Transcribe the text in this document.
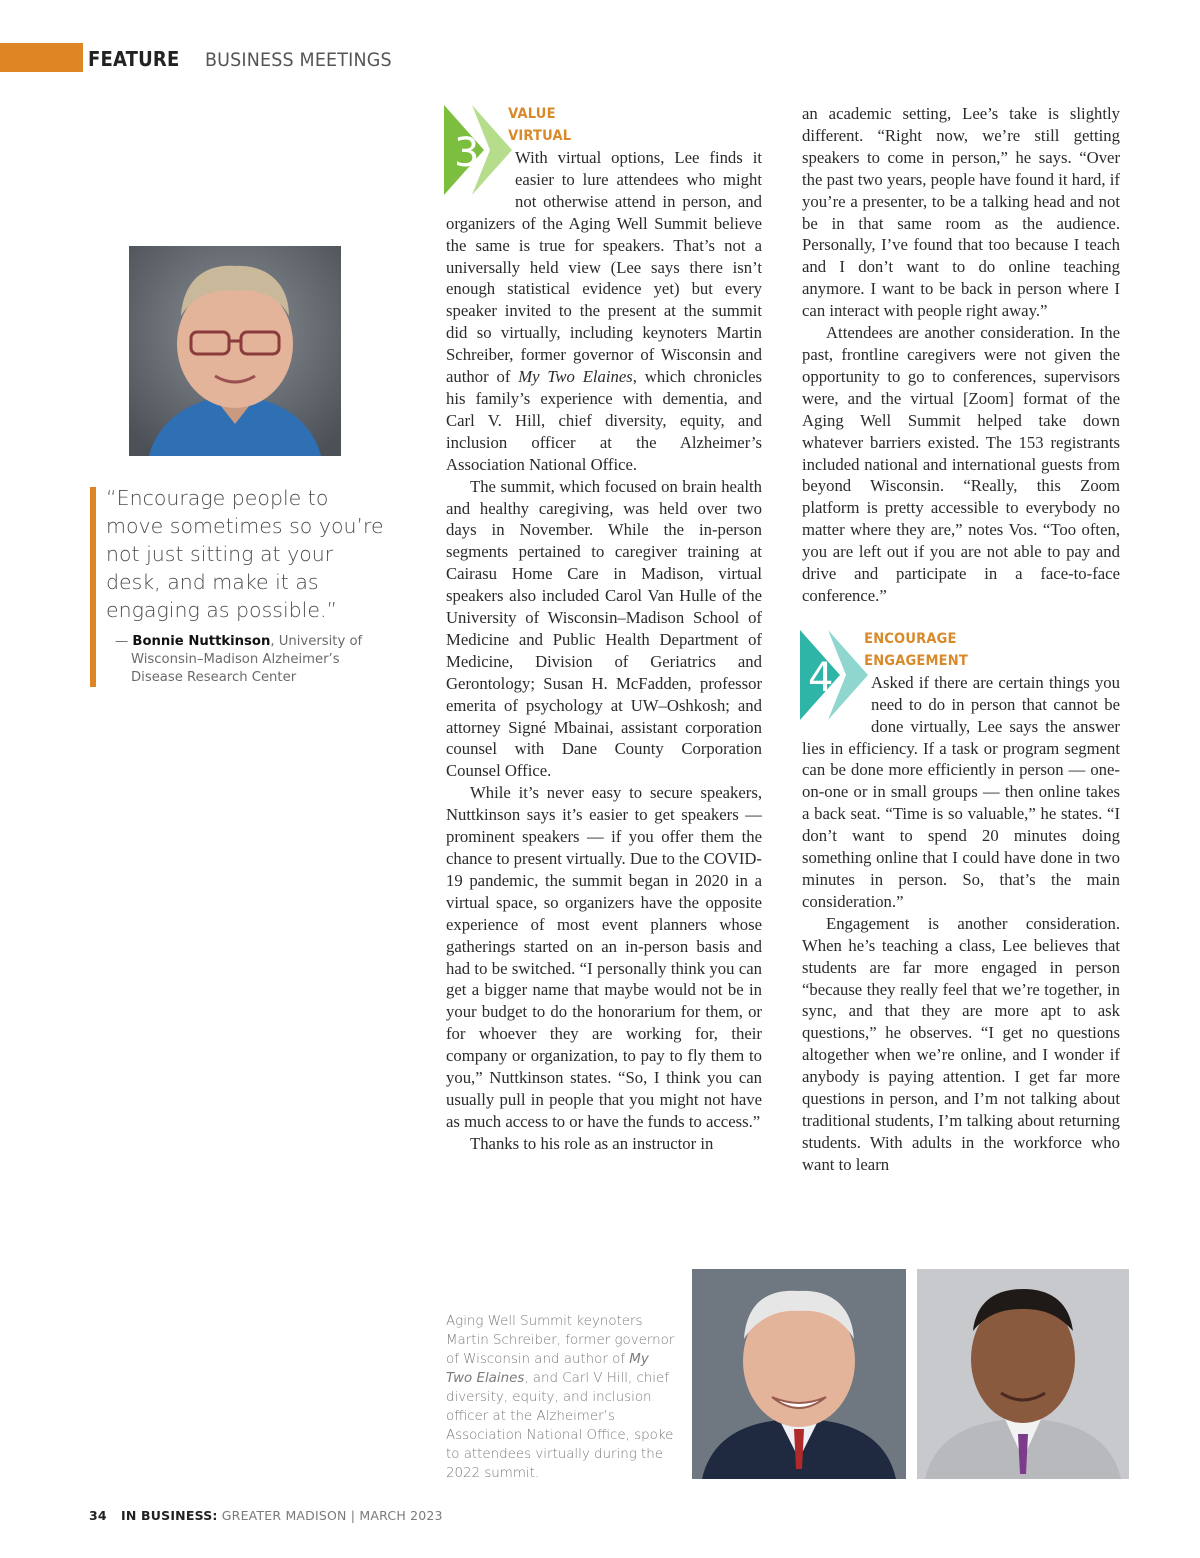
FEATURE BUSINESS MEETINGS

“Encourage people to move sometimes so you’re not just sitting at your desk, and make it as engaging as possible.”

— Bonnie Nuttkinson, University of
Wisconsin–Madison Alzheimer’s Disease Research Center
3
VALUE
VIRTUAL

With virtual options, Lee finds it easier to lure attendees who might not otherwise attend in person, and organizers of the Aging Well Summit believe the same is true for speakers. That’s not a universally held view (Lee says there isn’t enough statistical evidence yet) but every speaker invited to the present at the summit did so virtually, including keynoters Martin Schreiber, former governor of Wisconsin and author of My Two Elaines, which chronicles his family’s experience with dementia, and Carl V. Hill, chief diversity, equity, and inclusion officer at the Alzheimer’s Association National Office.

The summit, which focused on brain health and healthy caregiving, was held over two days in November. While the in-person segments pertained to caregiver training at Cairasu Home Care in Madison, virtual speakers also included Carol Van Hulle of the University of Wisconsin–Madison School of Medicine and Public Health Department of Medicine, Division of Geriatrics and Gerontology; Susan H. McFadden, professor emerita of psychology at UW–Oshkosh; and attorney Signé Mbainai, assistant corporation counsel with Dane County Corporation Counsel Office.

While it’s never easy to secure speakers, Nuttkinson says it’s easier to get speakers — prominent speakers — if you offer them the chance to present virtually. Due to the COVID-19 pandemic, the summit began in 2020 in a virtual space, so organizers have the opposite experience of most event planners whose gatherings started on an in-person basis and had to be switched. “I personally think you can get a bigger name that maybe would not be in your budget to do the honorarium for them, or for whoever they are working for, their company or organization, to pay to fly them to you,” Nuttkinson states. “So, I think you can usually pull in people that you might not have as much access to or have the funds to access.”

Thanks to his role as an instructor in

an academic setting, Lee’s take is slightly different. “Right now, we’re still getting speakers to come in person,” he says. “Over the past two years, people have found it hard, if you’re a presenter, to be a talking head and not be in that same room as the audience. Personally, I’ve found that too because I teach and I don’t want to do online teaching anymore. I want to be back in person where I can interact with people right away.”

Attendees are another consideration. In the past, frontline caregivers were not given the opportunity to go to conferences, supervisors were, and the virtual [Zoom] format of the Aging Well Summit helped take down whatever barriers existed. The 153 registrants included national and international guests from beyond Wisconsin. “Really, this Zoom platform is pretty accessible to everybody no matter where they are,” notes Vos. “Too often, you are left out if you are not able to pay and drive and participate in a face-to-face conference.”

4
ENCOURAGE
ENGAGEMENT

Asked if there are certain things you need to do in person that cannot be done virtually, Lee says the answer lies in efficiency. If a task or program segment can be done more efficiently in person — one-on-one or in small groups — then online takes a back seat. “Time is so valuable,” he states. “I don’t want to spend 20 minutes doing something online that I could have done in two minutes in person. So, that’s the main consideration.”

Engagement is another consideration. When he’s teaching a class, Lee believes that students are far more engaged in person “because they really feel that we’re together, in sync, and that they are more apt to ask questions,” he observes. “I get no questions altogether when we’re online, and I wonder if anybody is paying attention. I get far more questions in person, and I’m not talking about traditional students, I’m talking about returning students. With adults in the workforce who want to learn

Aging Well Summit keynoters Martin Schreiber, former governor of Wisconsin and author of My Two Elaines, and Carl V Hill, chief diversity, equity, and inclusion officer at the Alzheimer’s Association National Office, spoke to attendees virtually during the 2022 summit.
34 IN BUSINESS: GREATER MADISON | MARCH 2023
